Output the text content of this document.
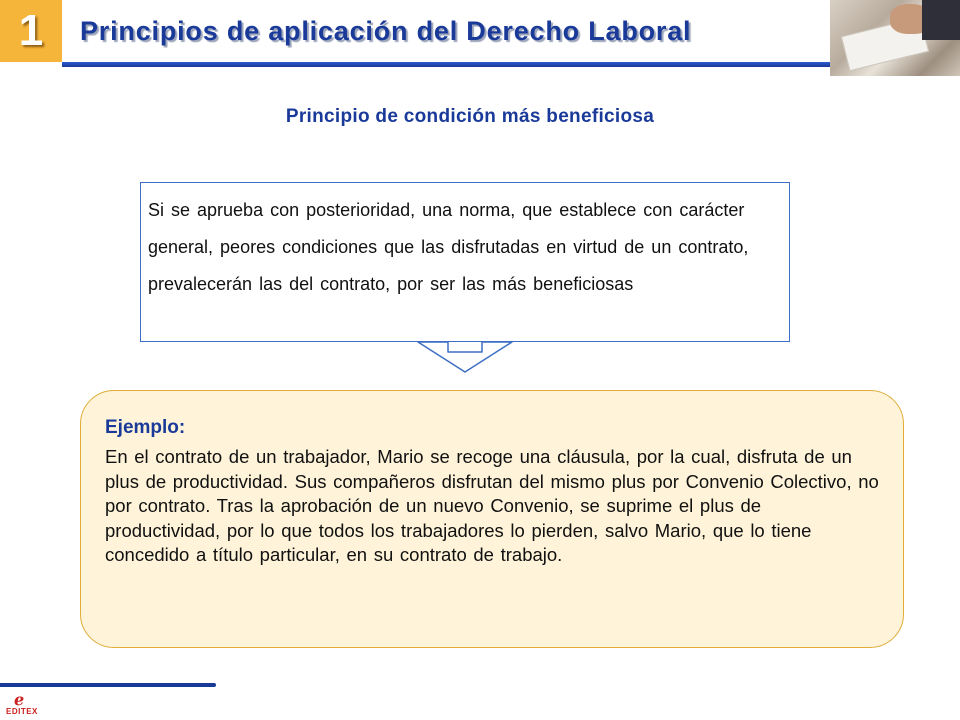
1 Principios de aplicación del Derecho Laboral
Principio de condición más beneficiosa
Si se aprueba con posterioridad, una norma, que establece con carácter general, peores condiciones que las disfrutadas en virtud de un contrato, prevalecerán las del contrato, por ser las más beneficiosas
Ejemplo:
En el contrato de un trabajador, Mario se recoge una cláusula, por la cual, disfruta de un plus de productividad. Sus compañeros disfrutan del mismo plus por Convenio Colectivo, no por contrato. Tras la aprobación de un nuevo Convenio, se suprime el plus de productividad, por lo que todos los trabajadores lo pierden, salvo Mario, que lo tiene concedido a título particular, en su contrato de trabajo.
ℯ
EDITEX
